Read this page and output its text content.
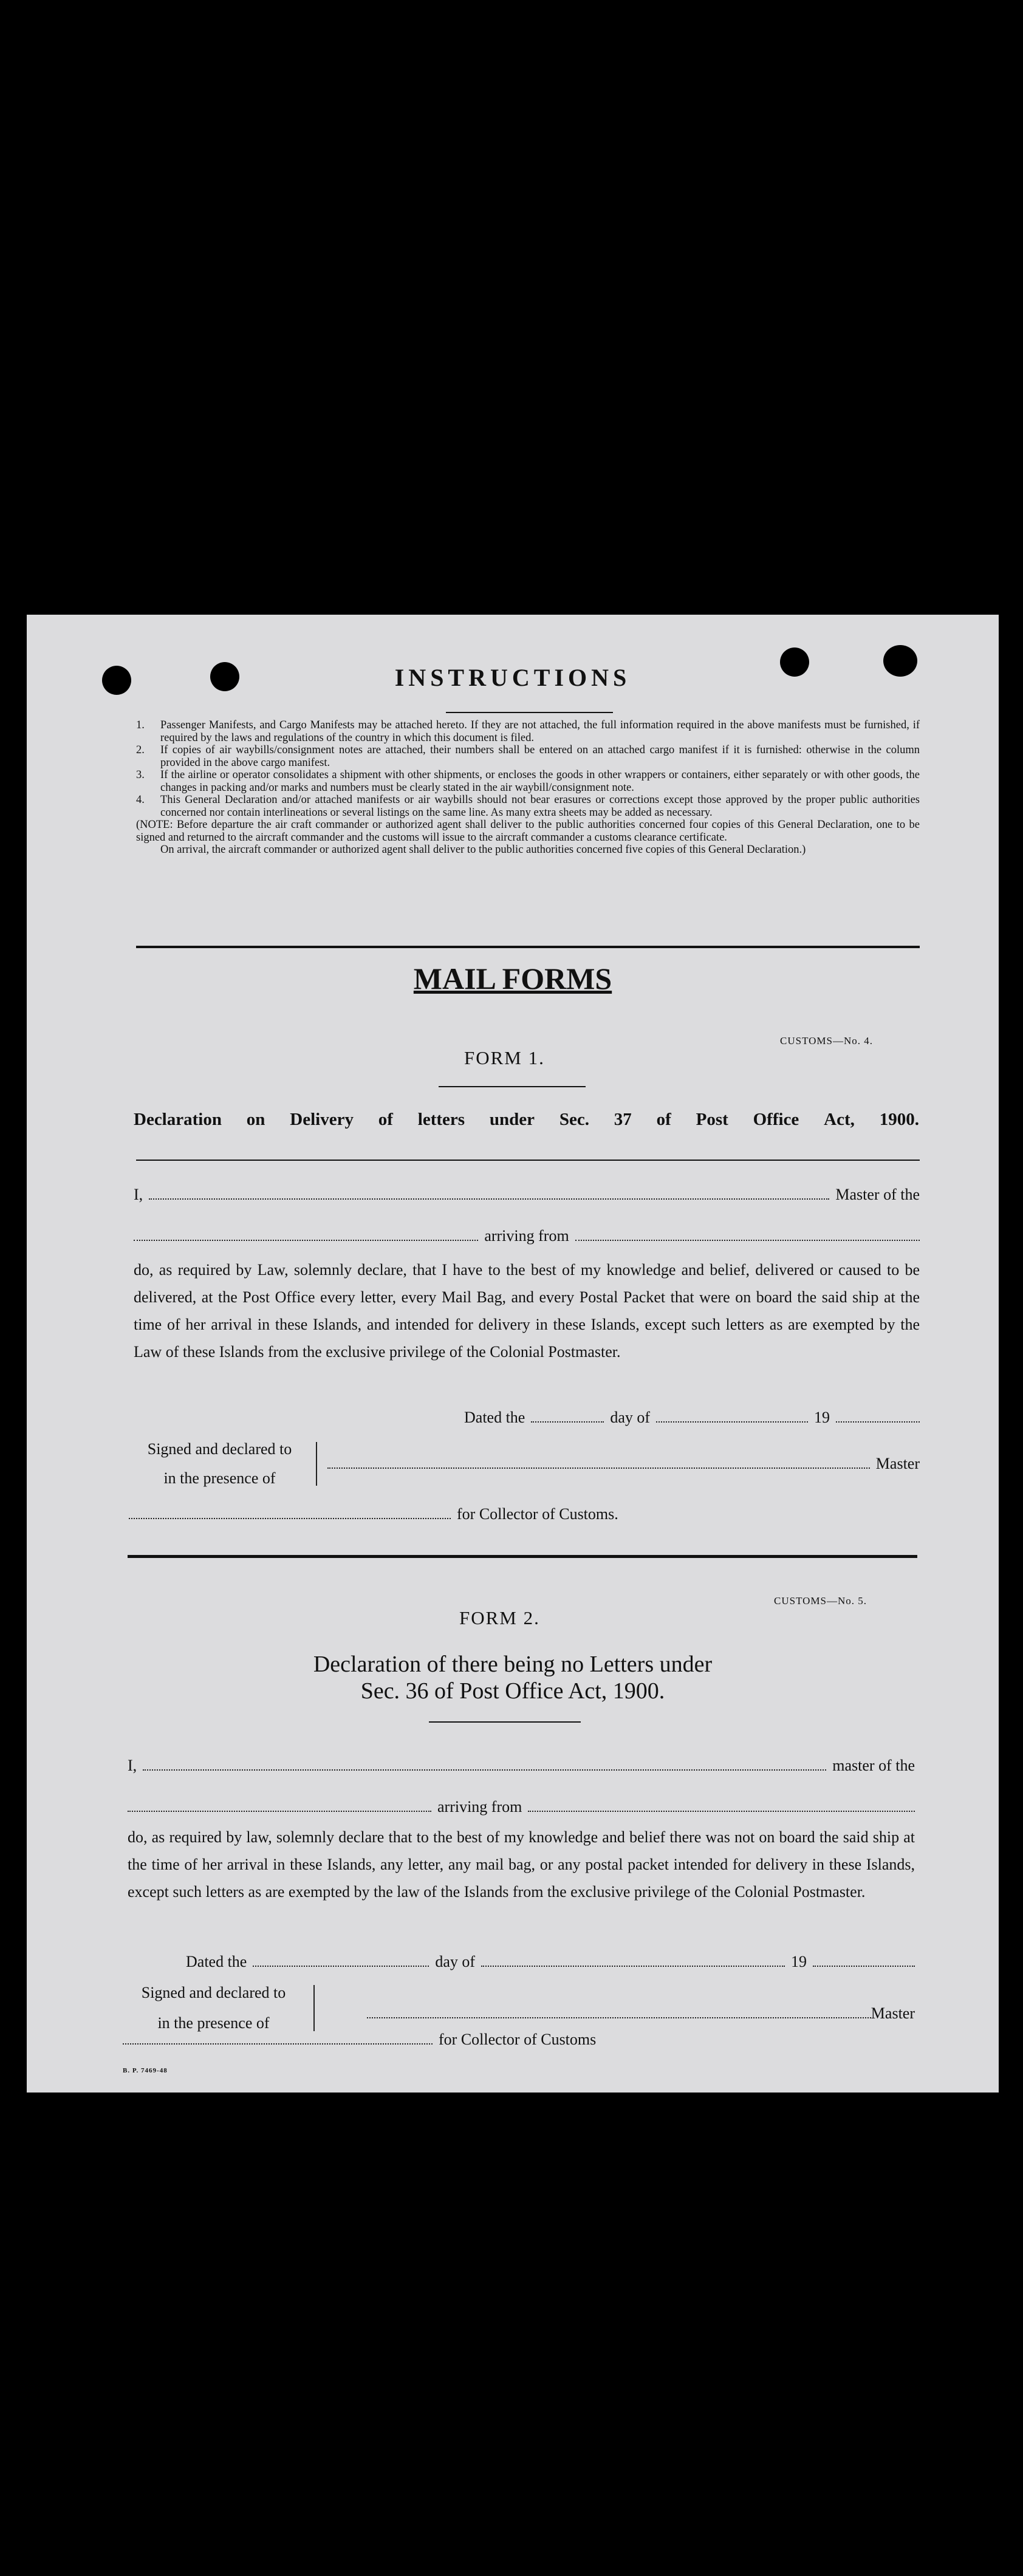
INSTRUCTIONS
1.	Passenger Manifests, and Cargo Manifests may be attached hereto. If they are not attached, the full information required in the above manifests must be furnished, if required by the laws and regulations of the country in which this document is filed.
2.	If copies of air waybills/consignment notes are attached, their numbers shall be entered on an attached cargo manifest if it is furnished: otherwise in the column provided in the above cargo manifest.
3.	If the airline or operator consolidates a shipment with other shipments, or encloses the goods in other wrappers or containers, either separately or with other goods, the changes in packing and/or marks and numbers must be clearly stated in the air waybill/consignment note.
4.	This General Declaration and/or attached manifests or air waybills should not bear erasures or corrections except those approved by the proper public authorities concerned nor contain interlineations or several listings on the same line. As many extra sheets may be added as necessary.
(NOTE: Before departure the air craft commander or authorized agent shall deliver to the public authorities concerned four copies of this General Declaration, one to be signed and returned to the aircraft commander and the customs will issue to the aircraft commander a customs clearance certificate.
On arrival, the aircraft commander or authorized agent shall deliver to the public authorities concerned five copies of this General Declaration.)
MAIL FORMS
CUSTOMS—No. 4.
FORM 1.
Declaration on Delivery of letters under Sec. 37 of Post Office Act, 1900.
I,	Master of the
arriving from
do, as required by Law, solemnly declare, that I have to the best of my knowledge and belief, delivered or caused to be delivered, at the Post Office every letter, every Mail Bag, and every Postal Packet that were on board the said ship at the time of her arrival in these Islands, and intended for delivery in these Islands, except such letters as are exempted by the Law of these Islands from the exclusive privilege of the Colonial Postmaster.
Dated the	day of	19
Signed and declared to
in the presence of
Master
for Collector of Customs.
CUSTOMS—No. 5.
FORM 2.
Declaration of there being no Letters under
Sec. 36 of Post Office Act, 1900.
I,	master of the
arriving from
do, as required by law, solemnly declare that to the best of my knowledge and belief there was not on board the said ship at the time of her arrival in these Islands, any letter, any mail bag, or any postal packet intended for delivery in these Islands, except such letters as are exempted by the law of the Islands from the exclusive privilege of the Colonial Postmaster.
Dated the	day of	19
Signed and declared to
in the presence of
Master
for Collector of Customs
B. P. 7469-48
